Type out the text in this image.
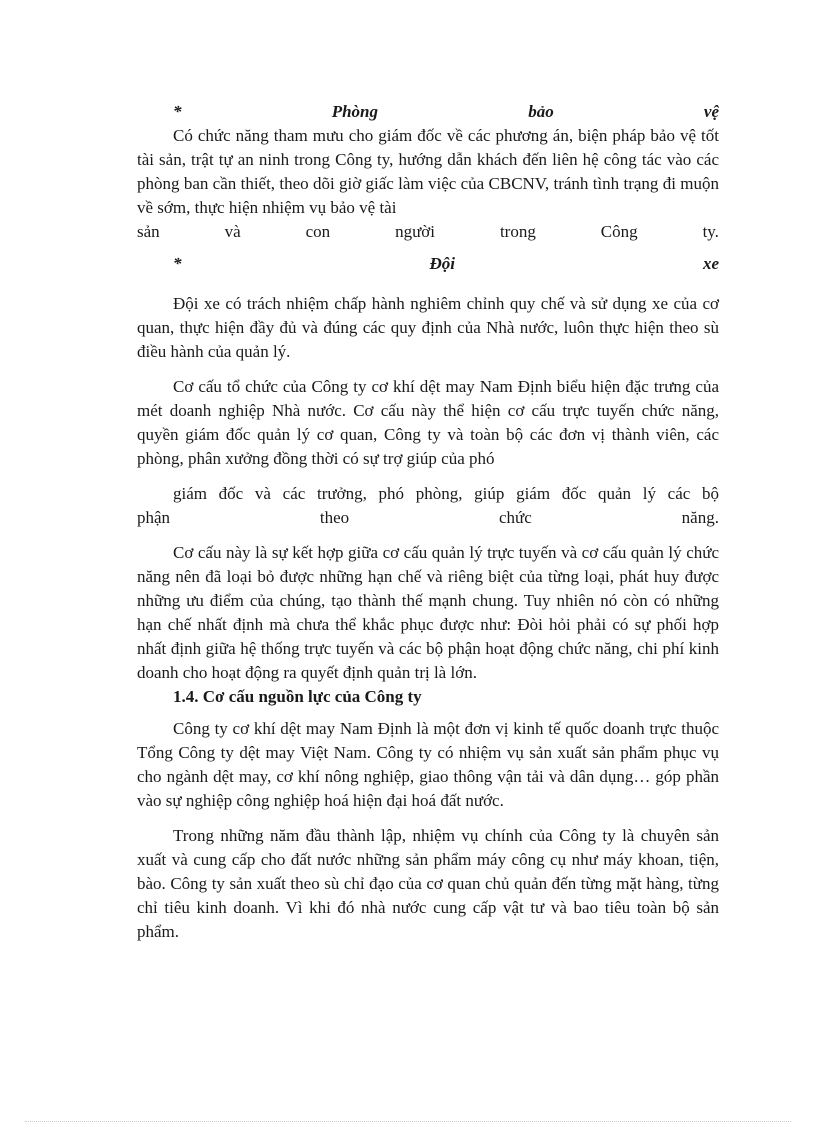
*	Phòng	bảo	vệ

Có chức năng tham mưu cho giám đốc về các phương án, biện pháp bảo vệ tốt tài sản, trật tự an ninh trong Công ty, hướng dẫn khách đến liên hệ công tác vào các phòng ban cần thiết, theo dõi giờ giấc làm việc của CBCNV, tránh tình trạng đi muộn về sớm, thực hiện nhiệm vụ bảo vệ tài

sản	và	con	người	trong	Công	ty.
*	Đội	xe

Đội xe có trách nhiệm chấp hành nghiêm chỉnh quy chế và sử dụng xe của cơ quan, thực hiện đầy đủ và đúng các quy định của Nhà nước, luôn thực hiện theo sù điều hành của quản lý.

Cơ cấu tổ chức của Công ty cơ khí dệt may Nam Định biểu hiện đặc trưng của mét doanh nghiệp Nhà nước. Cơ cấu này thể hiện cơ cấu trực tuyến chức năng, quyền giám đốc quản lý cơ quan, Công ty và toàn bộ các đơn vị thành viên, các phòng, phân xưởng đồng thời có sự trợ giúp của phó

giám đốc và các trưởng, phó phòng, giúp giám đốc quản lý các bộ
phận	theo	chức	năng.

Cơ cấu này là sự kết hợp giữa cơ cấu quản lý trực tuyến và cơ cấu quản lý chức năng nên đã loại bỏ được những hạn chế và riêng biệt của từng loại, phát huy được những ưu điểm của chúng, tạo thành thế mạnh chung. Tuy nhiên nó còn có những hạn chế nhất định mà chưa thể khắc phục được như: Đòi hỏi phải có sự phối hợp nhất định giữa hệ thống trực tuyến và các bộ phận hoạt động chức năng, chi phí kinh doanh cho hoạt động ra quyết định quản trị là lớn.

1.4. Cơ cấu nguồn lực của Công ty

Công ty cơ khí dệt may Nam Định là một đơn vị kinh tế quốc doanh trực thuộc Tổng Công ty dệt may Việt Nam. Công ty có nhiệm vụ sản xuất sản phẩm phục vụ cho ngành dệt may, cơ khí nông nghiệp, giao thông vận tải và dân dụng… góp phần vào sự nghiệp công nghiệp hoá hiện đại hoá đất nước.

Trong những năm đầu thành lập, nhiệm vụ chính của Công ty là chuyên sản xuất và cung cấp cho đất nước những sản phẩm máy công cụ như máy khoan, tiện, bào. Công ty sản xuất theo sù chỉ đạo của cơ quan chủ quản đến từng mặt hàng, từng chỉ tiêu kinh doanh. Vì khi đó nhà nước cung cấp vật tư và bao tiêu toàn bộ sản phẩm.
